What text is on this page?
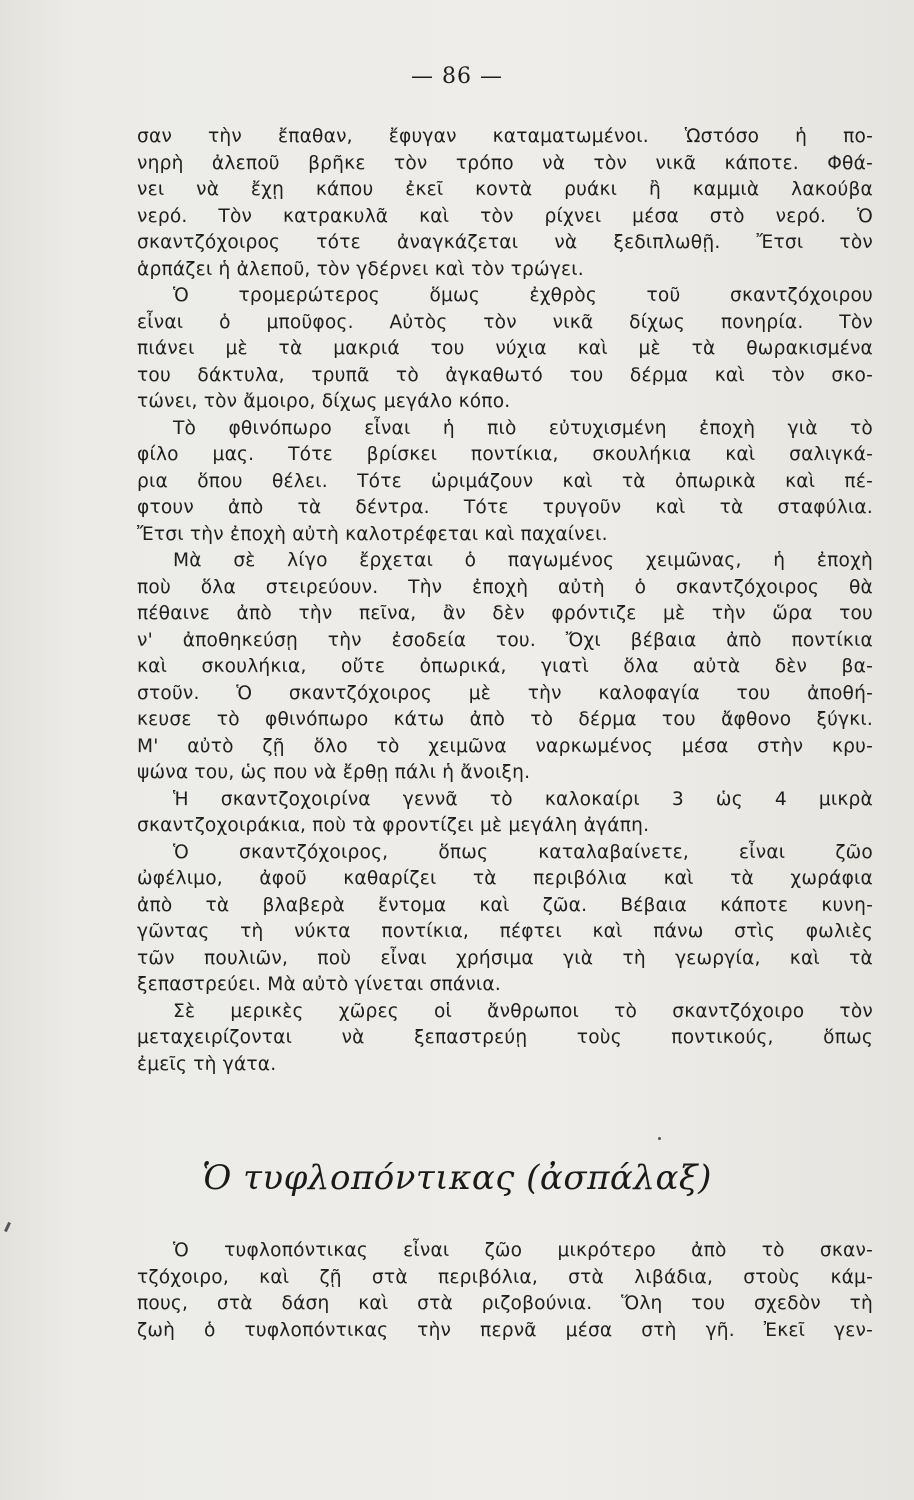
— 86 —
σαν τὴν ἔπαθαν, ἔφυγαν καταματωμένοι. Ὡστόσο ἡ πο-
νηρὴ ἀλεποῦ βρῆκε τὸν τρόπο νὰ τὸν νικᾶ κάποτε. Φθά-
νει νὰ ἔχῃ κάπου ἐκεῖ κοντὰ ρυάκι ἢ καμμιὰ λακούβα
νερό. Τὸν κατρακυλᾶ καὶ τὸν ρίχνει μέσα στὸ νερό. Ὁ
σκαντζόχοιρος τότε ἀναγκάζεται νὰ ξεδιπλωθῇ. Ἔτσι τὸν
ἁρπάζει ἡ ἀλεποῦ, τὸν γδέρνει καὶ τὸν τρώγει.
Ὁ τρομερώτερος ὅμως ἐχθρὸς τοῦ σκαντζόχοιρου
εἶναι ὁ μποῦφος. Αὐτὸς τὸν νικᾶ δίχως πονηρία. Τὸν
πιάνει μὲ τὰ μακριά του νύχια καὶ μὲ τὰ θωρακισμένα
του δάκτυλα, τρυπᾶ τὸ ἀγκαθωτό του δέρμα καὶ τὸν σκο-
τώνει, τὸν ἄμοιρο, δίχως μεγάλο κόπο.
Τὸ φθινόπωρο εἶναι ἡ πιὸ εὐτυχισμένη ἐποχὴ γιὰ τὸ
φίλο μας. Τότε βρίσκει ποντίκια, σκουλήκια καὶ σαλιγκά-
ρια ὅπου θέλει. Τότε ὡριμάζουν καὶ τὰ ὀπωρικὰ καὶ πέ-
φτουν ἀπὸ τὰ δέντρα. Τότε τρυγοῦν καὶ τὰ σταφύλια.
Ἔτσι τὴν ἐποχὴ αὐτὴ καλοτρέφεται καὶ παχαίνει.
Μὰ σὲ λίγο ἔρχεται ὁ παγωμένος χειμῶνας, ἡ ἐποχὴ
ποὺ ὅλα στειρεύουν. Τὴν ἐποχὴ αὐτὴ ὁ σκαντζόχοιρος θὰ
πέθαινε ἀπὸ τὴν πεῖνα, ἂν δὲν φρόντιζε μὲ τὴν ὥρα του
ν' ἀποθηκεύσῃ τὴν ἐσοδεία του. Ὄχι βέβαια ἀπὸ ποντίκια
καὶ σκουλήκια, οὔτε ὀπωρικά, γιατὶ ὅλα αὐτὰ δὲν βα-
στοῦν. Ὁ σκαντζόχοιρος μὲ τὴν καλοφαγία του ἀποθή-
κευσε τὸ φθινόπωρο κάτω ἀπὸ τὸ δέρμα του ἄφθονο ξύγκι.
Μ' αὐτὸ ζῇ ὅλο τὸ χειμῶνα ναρκωμένος μέσα στὴν κρυ-
ψώνα του, ὡς που νὰ ἔρθῃ πάλι ἡ ἄνοιξη.
Ἡ σκαντζοχοιρίνα γεννᾶ τὸ καλοκαίρι 3 ὡς 4 μικρὰ
σκαντζοχοιράκια, ποὺ τὰ φροντίζει μὲ μεγάλη ἀγάπη.
Ὁ σκαντζόχοιρος, ὅπως καταλαβαίνετε, εἶναι ζῶο
ὠφέλιμο, ἀφοῦ καθαρίζει τὰ περιβόλια καὶ τὰ χωράφια
ἀπὸ τὰ βλαβερὰ ἔντομα καὶ ζῶα. Βέβαια κάποτε κυνη-
γῶντας τὴ νύκτα ποντίκια, πέφτει καὶ πάνω στὶς φωλιὲς
τῶν πουλιῶν, ποὺ εἶναι χρήσιμα γιὰ τὴ γεωργία, καὶ τὰ
ξεπαστρεύει. Μὰ αὐτὸ γίνεται σπάνια.
Σὲ μερικὲς χῶρες οἱ ἄνθρωποι τὸ σκαντζόχοιρο τὸν
μεταχειρίζονται νὰ ξεπαστρεύῃ τοὺς ποντικούς, ὅπως
ἐμεῖς τὴ γάτα.
Ὁ τυφλοπόντικας (ἀσπάλαξ)
Ὁ τυφλοπόντικας εἶναι ζῶο μικρότερο ἀπὸ τὸ σκαν-
τζόχοιρο, καὶ ζῇ στὰ περιβόλια, στὰ λιβάδια, στοὺς κάμ-
πους, στὰ δάση καὶ στὰ ριζοβούνια. Ὅλη του σχεδὸν τὴ
ζωὴ ὁ τυφλοπόντικας τὴν περνᾶ μέσα στὴ γῆ. Ἐκεῖ γεν-
